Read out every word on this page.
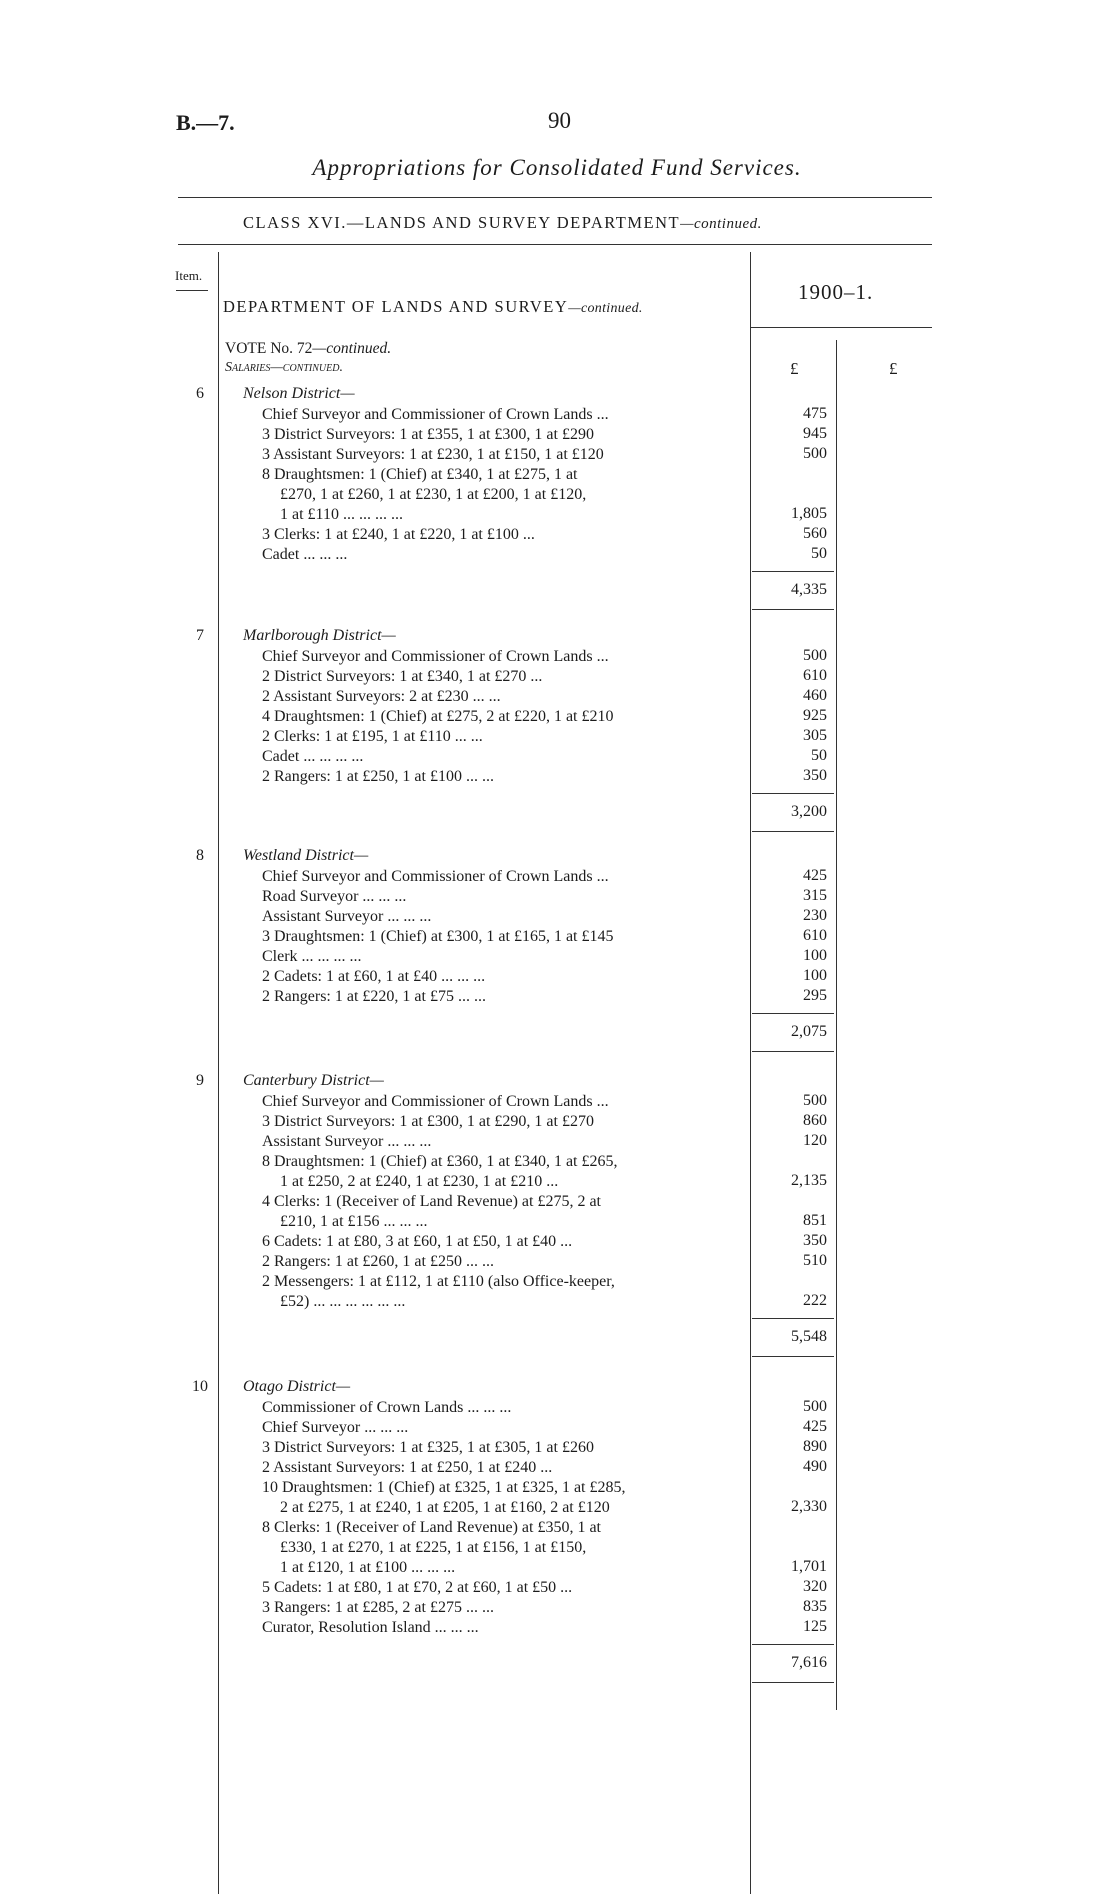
B.—7.	90
Appropriations for Consolidated Fund Services.
CLASS XVI.—LANDS AND SURVEY DEPARTMENT—continued.
Item.
DEPARTMENT OF LANDS AND SURVEY—continued.
1900–1.
VOTE No. 72—continued.
Salaries—continued.	£	£
6	Nelson District—
Chief Surveyor and Commissioner of Crown Lands ...	475
3 District Surveyors: 1 at £355, 1 at £300, 1 at £290	945
3 Assistant Surveyors: 1 at £230, 1 at £150, 1 at £120	500
8 Draughtsmen: 1 (Chief) at £340, 1 at £275, 1 at
£270, 1 at £260, 1 at £230, 1 at £200, 1 at £120,
1 at £110 ... ... ... ...	1,805
3 Clerks: 1 at £240, 1 at £220, 1 at £100 ...	560
Cadet ... ... ...	50
4,335
7	Marlborough District—
Chief Surveyor and Commissioner of Crown Lands ...	500
2 District Surveyors: 1 at £340, 1 at £270 ...	610
2 Assistant Surveyors: 2 at £230 ... ...	460
4 Draughtsmen: 1 (Chief) at £275, 2 at £220, 1 at £210	925
2 Clerks: 1 at £195, 1 at £110 ... ...	305
Cadet ... ... ... ...	50
2 Rangers: 1 at £250, 1 at £100 ... ...	350
3,200
8	Westland District—
Chief Surveyor and Commissioner of Crown Lands ...	425
Road Surveyor ... ... ...	315
Assistant Surveyor ... ... ...	230
3 Draughtsmen: 1 (Chief) at £300, 1 at £165, 1 at £145	610
Clerk ... ... ... ...	100
2 Cadets: 1 at £60, 1 at £40 ... ... ...	100
2 Rangers: 1 at £220, 1 at £75 ... ...	295
2,075
9	Canterbury District—
Chief Surveyor and Commissioner of Crown Lands ...	500
3 District Surveyors: 1 at £300, 1 at £290, 1 at £270	860
Assistant Surveyor ... ... ...	120
8 Draughtsmen: 1 (Chief) at £360, 1 at £340, 1 at £265,
1 at £250, 2 at £240, 1 at £230, 1 at £210 ...	2,135
4 Clerks: 1 (Receiver of Land Revenue) at £275, 2 at
£210, 1 at £156 ... ... ...	851
6 Cadets: 1 at £80, 3 at £60, 1 at £50, 1 at £40 ...	350
2 Rangers: 1 at £260, 1 at £250 ... ...	510
2 Messengers: 1 at £112, 1 at £110 (also Office-keeper,
£52) ... ... ... ... ... ...	222
5,548
10	Otago District—
Commissioner of Crown Lands ... ... ...	500
Chief Surveyor ... ... ...	425
3 District Surveyors: 1 at £325, 1 at £305, 1 at £260	890
2 Assistant Surveyors: 1 at £250, 1 at £240 ...	490
10 Draughtsmen: 1 (Chief) at £325, 1 at £325, 1 at £285,
2 at £275, 1 at £240, 1 at £205, 1 at £160, 2 at £120	2,330
8 Clerks: 1 (Receiver of Land Revenue) at £350, 1 at
£330, 1 at £270, 1 at £225, 1 at £156, 1 at £150,
1 at £120, 1 at £100 ... ... ...	1,701
5 Cadets: 1 at £80, 1 at £70, 2 at £60, 1 at £50 ...	320
3 Rangers: 1 at £285, 2 at £275 ... ...	835
Curator, Resolution Island ... ... ...	125
7,616
